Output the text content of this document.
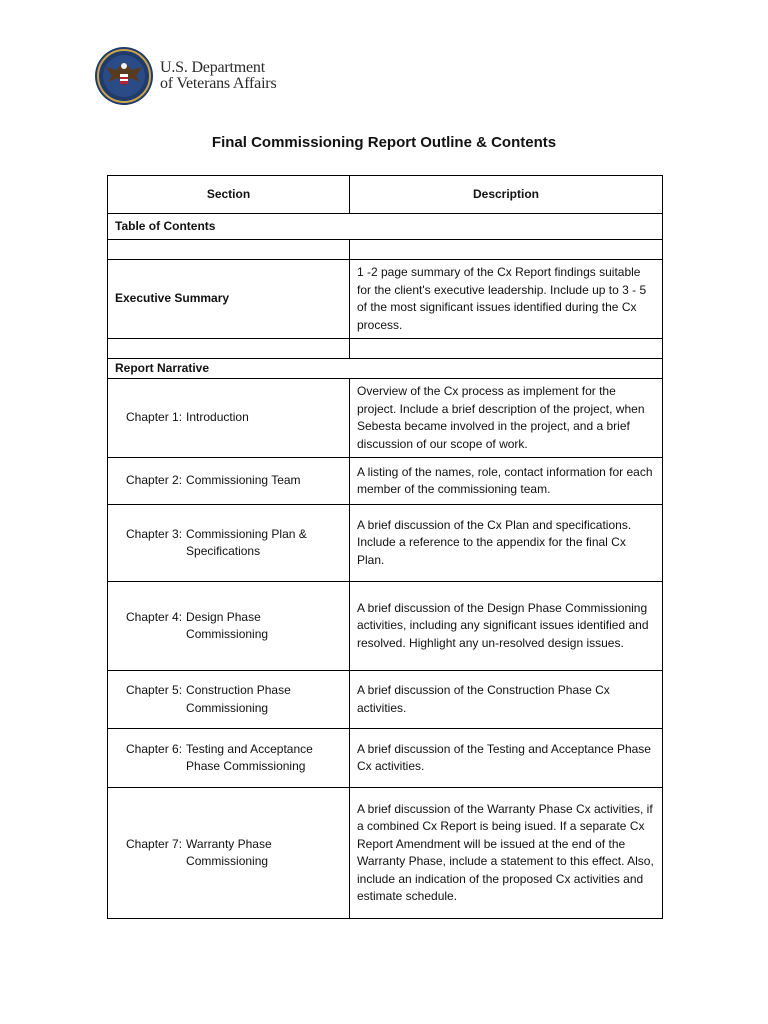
U.S. Department
of Veterans Affairs
Final Commissioning Report Outline & Contents
Section	Description
Table of Contents	

Executive Summary	1 -2 page summary of the Cx Report findings suitable for the client's executive leadership. Include up to 3 - 5 of the most significant issues identified during the Cx process.

Report Narrative	

Chapter 1: Introduction	Overview of the Cx process as implement for the project. Include a brief description of the project, when Sebesta became involved in the project, and a brief discussion of our scope of work.

Chapter 2: Commissioning Team	A listing of the names, role, contact information for each member of the commissioning team.

Chapter 3: Commissioning Plan & Specifications	A brief discussion of the Cx Plan and specifications. Include a reference to the appendix for the final Cx Plan.

Chapter 4: Design Phase Commissioning	A brief discussion of the Design Phase Commissioning activities, including any significant issues identified and resolved. Highlight any un-resolved design issues.

Chapter 5: Construction Phase Commissioning	A brief discussion of the Construction Phase Cx activities.

Chapter 6: Testing and Acceptance Phase Commissioning	A brief discussion of the Testing and Acceptance Phase Cx activities.

Chapter 7: Warranty Phase Commissioning	A brief discussion of the Warranty Phase Cx activities, if a combined Cx Report is being isued. If a separate Cx Report Amendment will be issued at the end of the Warranty Phase, include a statement to this effect. Also, include an indication of the proposed Cx activities and estimate schedule.
